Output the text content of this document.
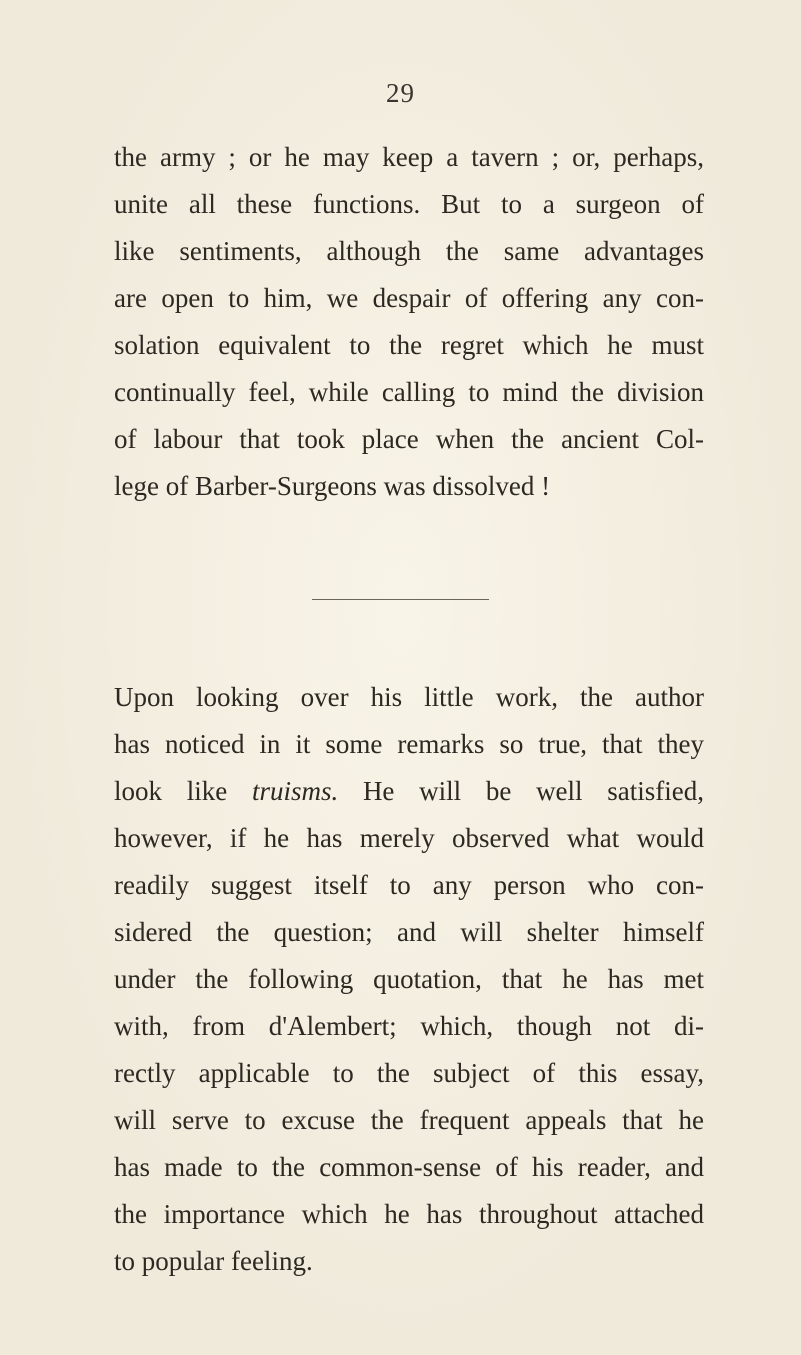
29
the army ; or he may keep a tavern ; or, perhaps,
unite all these functions. But to a surgeon of
like sentiments, although the same advantages
are open to him, we despair of offering any con-
solation equivalent to the regret which he must
continually feel, while calling to mind the division
of labour that took place when the ancient Col-
lege of Barber-Surgeons was dissolved !
Upon looking over his little work, the author
has noticed in it some remarks so true, that they
look like truisms. He will be well satisfied,
however, if he has merely observed what would
readily suggest itself to any person who con-
sidered the question; and will shelter himself
under the following quotation, that he has met
with, from d'Alembert; which, though not di-
rectly applicable to the subject of this essay,
will serve to excuse the frequent appeals that he
has made to the common-sense of his reader, and
the importance which he has throughout attached
to popular feeling.
